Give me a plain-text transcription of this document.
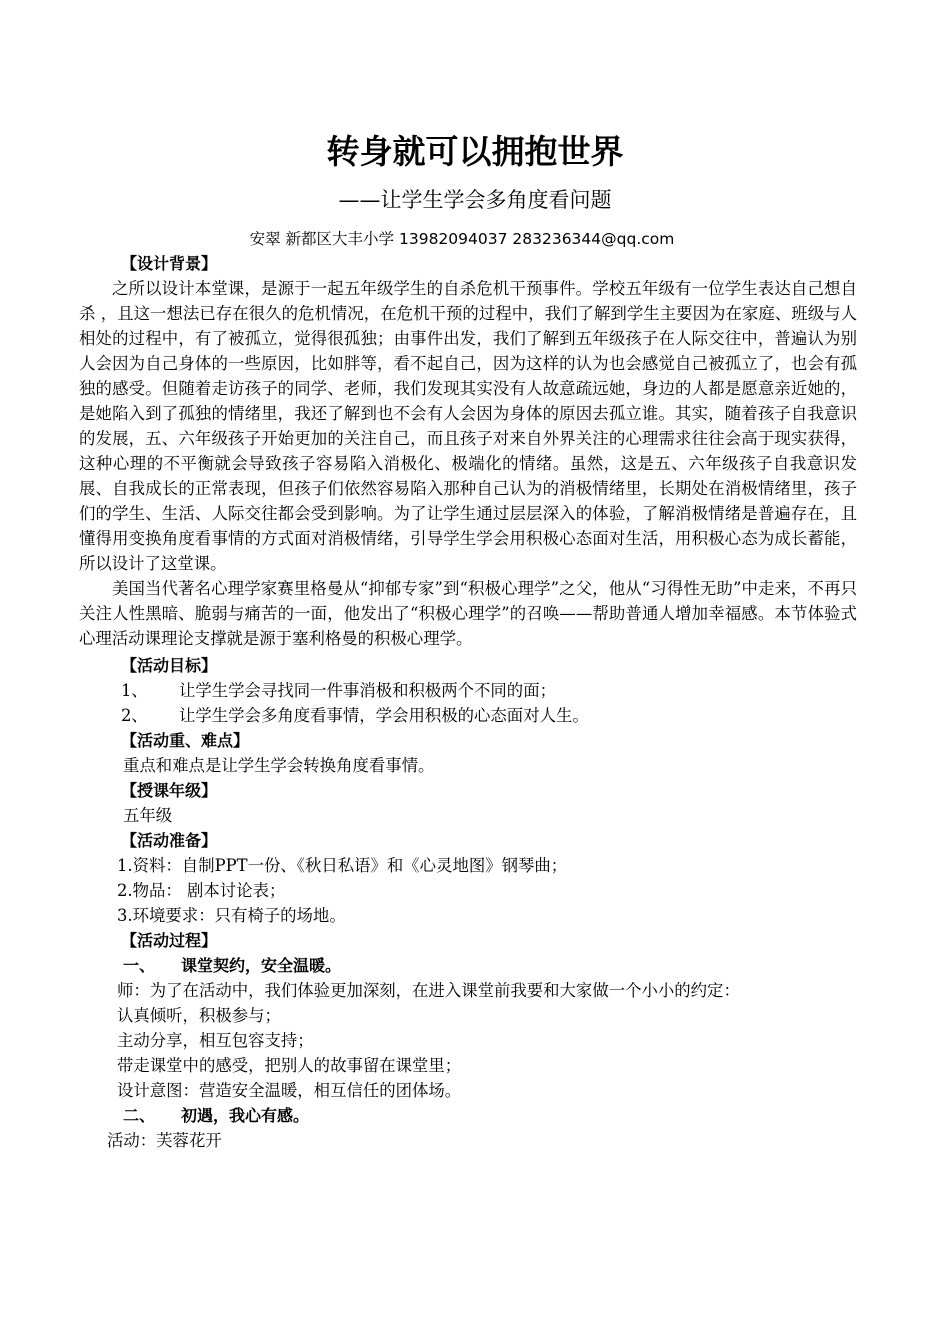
转身就可以拥抱世界
——让学生学会多角度看问题
安翠 新都区大丰小学 13982094037 283236344@qq.com

【设计背景】

之所以设计本堂课，是源于一起五年级学生的自杀危机干预事件。学校五年级有一位学生表达自己想自杀 ，且这一想法已存在很久的危机情况，在危机干预的过程中，我们了解到学生主要因为在家庭、班级与人相处的过程中，有了被孤立，觉得很孤独；由事件出发，我们了解到五年级孩子在人际交往中，普遍认为别人会因为自己身体的一些原因，比如胖等，看不起自己，因为这样的认为也会感觉自己被孤立了，也会有孤独的感受。但随着走访孩子的同学、老师，我们发现其实没有人故意疏远她，身边的人都是愿意亲近她的，是她陷入到了孤独的情绪里，我还了解到也不会有人会因为身体的原因去孤立谁。其实，随着孩子自我意识的发展，五、六年级孩子开始更加的关注自己，而且孩子对来自外界关注的心理需求往往会高于现实获得，这种心理的不平衡就会导致孩子容易陷入消极化、极端化的情绪。虽然，这是五、六年级孩子自我意识发展、自我成长的正常表现，但孩子们依然容易陷入那种自己认为的消极情绪里，长期处在消极情绪里，孩子们的学生、生活、人际交往都会受到影响。为了让学生通过层层深入的体验，了解消极情绪是普遍存在，且懂得用变换角度看事情的方式面对消极情绪，引导学生学会用积极心态面对生活，用积极心态为成长蓄能，所以设计了这堂课。

美国当代著名心理学家赛里格曼从“抑郁专家”到“积极心理学”之父，他从“习得性无助”中走来，不再只关注人性黑暗、脆弱与痛苦的一面，他发出了“积极心理学”的召唤——帮助普通人增加幸福感。本节体验式心理活动课理论支撑就是源于塞利格曼的积极心理学。

【活动目标】

1、 让学生学会寻找同一件事消极和积极两个不同的面；

2、 让学生学会多角度看事情，学会用积极的心态面对人生。

【活动重、难点】

重点和难点是让学生学会转换角度看事情。

【授课年级】

五年级

【活动准备】

1.资料：自制PPT一份、《秋日私语》和《心灵地图》钢琴曲；

2.物品： 剧本讨论表；

3.环境要求：只有椅子的场地。

【活动过程】

一、 课堂契约，安全温暖。

师：为了在活动中，我们体验更加深刻，在进入课堂前我要和大家做一个小小的约定：

认真倾听，积极参与；

主动分享，相互包容支持；

带走课堂中的感受，把别人的故事留在课堂里；

设计意图：营造安全温暖，相互信任的团体场。

二、 初遇，我心有感。

活动：芙蓉花开
